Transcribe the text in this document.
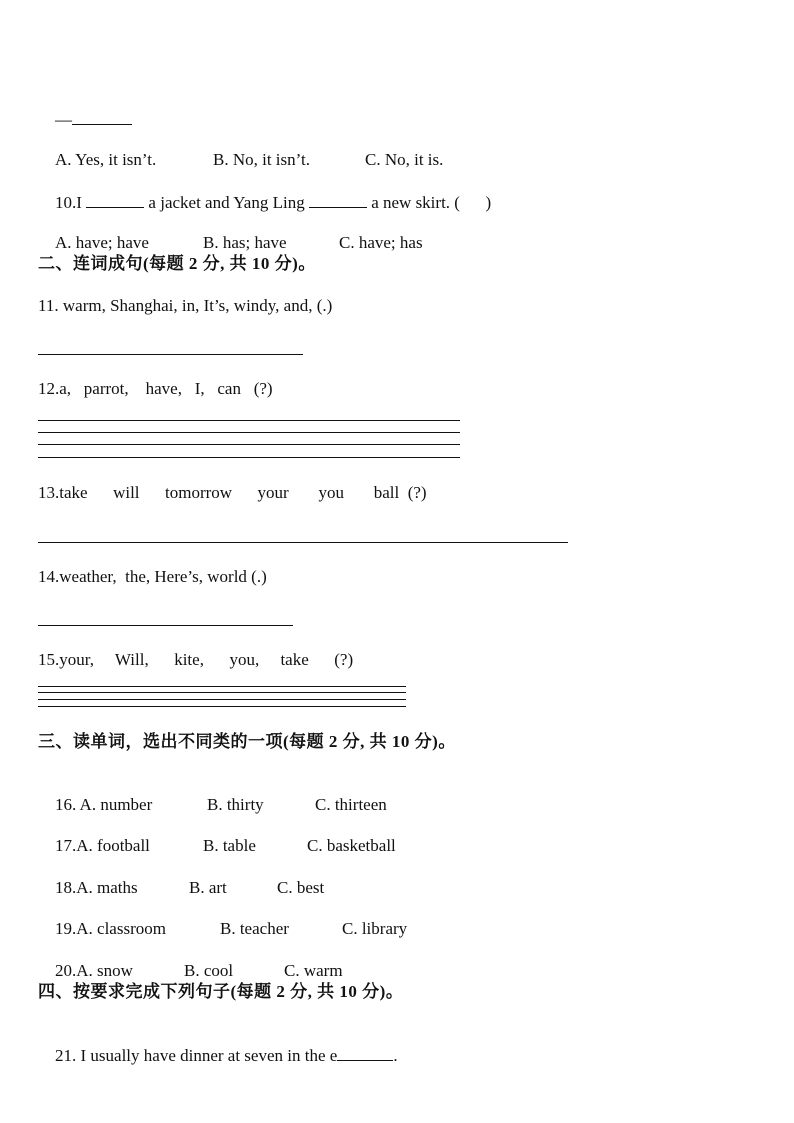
—

A. Yes, it isn’t.	B. No, it isn’t.	C. No, it is.

10.I	a jacket and Yang Ling	a new skirt. (      )

A. have; have	B. has; have	C. have; has

二、连词成句(每题 2 分, 共 10 分)。
11. warm, Shanghai, in, It’s, windy, and, (.)
12.a,   parrot,    have,   I,   can   (?)
13.take      will      tomorrow      your       you       ball  (?)
14.weather,  the, Here’s, world (.)
15.your,     Will,      kite,      you,     take      (?)
三、读单词，选出不同类的一项(每题 2 分, 共 10 分)。

16. A. number	B. thirty	C. thirteen

17.A. football	B. table	C. basketball

18.A. maths	B. art	C. best

19.A. classroom	B. teacher	C. library

20.A. snow	B. cool	C. warm

四、按要求完成下列句子(每题 2 分, 共 10 分)。

21. I usually have dinner at seven in the e	.
